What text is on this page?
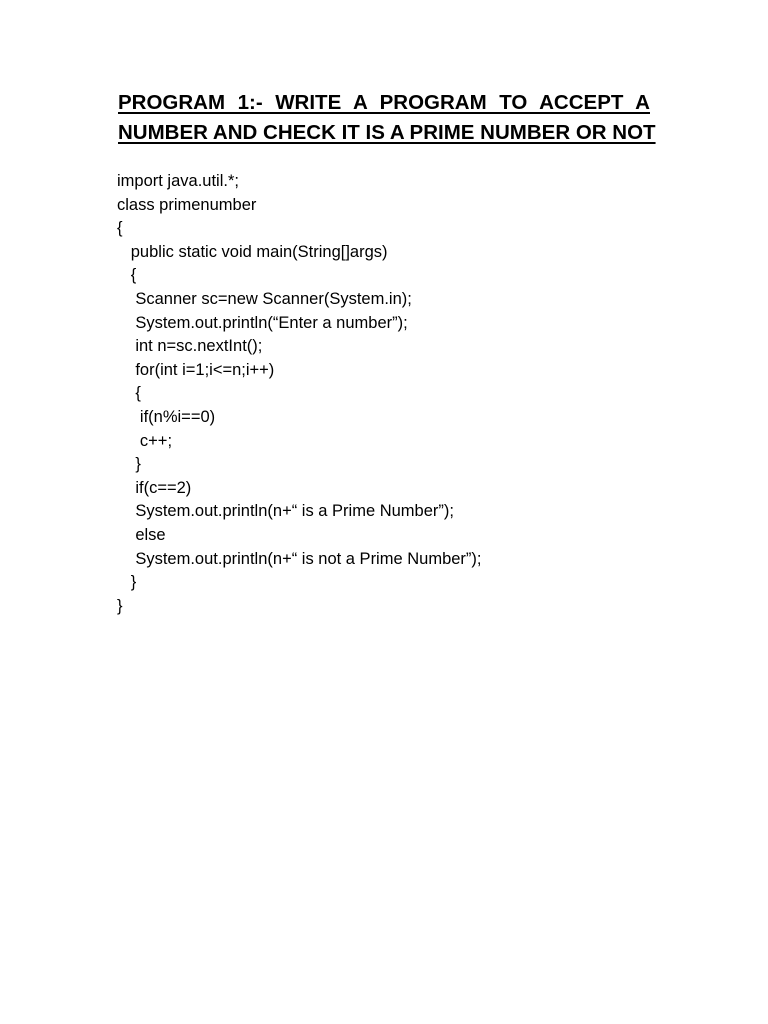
PROGRAM 1:- WRITE A PROGRAM TO ACCEPT A
NUMBER AND CHECK IT IS A PRIME NUMBER OR NOT
import java.util.*;
class primenumber
{
public static void main(String[]args)
{
Scanner sc=new Scanner(System.in);
System.out.println(“Enter a number”);
int n=sc.nextInt();
for(int i=1;i<=n;i++)
{
if(n%i==0)
c++;
}
if(c==2)
System.out.println(n+“ is a Prime Number”);
else
System.out.println(n+“ is not a Prime Number”);
}
}
